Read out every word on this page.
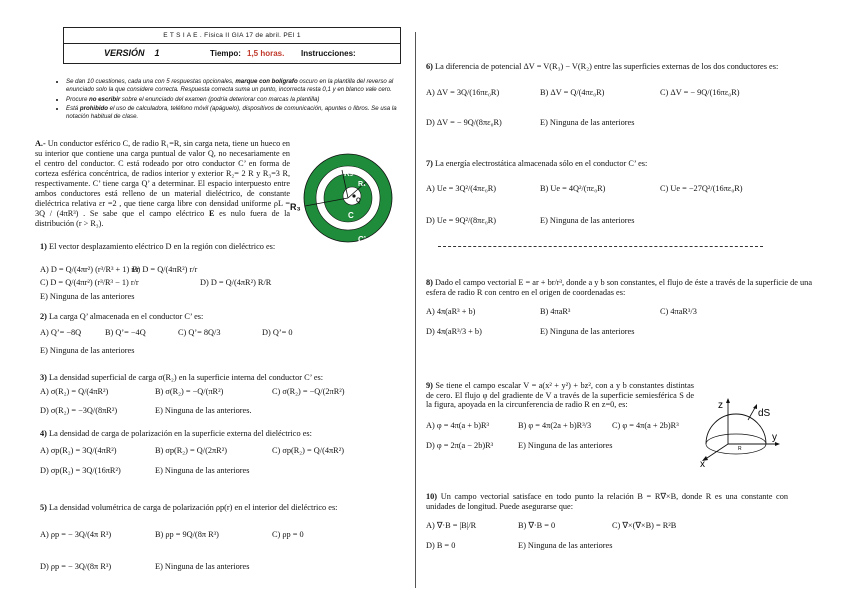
E T S I A E . Física II GIA 17 de abril. PEI 1
VERSIÓN 1	Tiempo: 1,5 horas. Instrucciones:
• Se dan 10 cuestiones, cada una con 5 respuestas opcionales, marque con bolígrafo oscuro en la plantilla del reverso al enunciado solo la que considere correcta. Respuesta correcta suma un punto, incorrecta resta 0,1 y en blanco vale cero.
• Procure no escribir sobre el enunciado del examen (podría deteriorar con marcas la plantilla)
• Está prohibido el uso de calculadora, teléfono móvil (apáguelo), dispositivos de comunicación, apuntes o libros. Se usa la notación habitual de clase.
A.- Un conductor esférico C, de radio R₁=R, sin carga neta, tiene un hueco en su interior que contiene una carga puntual de valor Q, no necesariamente en el centro del conductor. C está rodeado por otro conductor C’ en forma de corteza esférica concéntrica, de radios interior y exterior R₂= 2 R y R₃=3 R, respectivamente. C’ tiene carga Q’ a determinar. El espacio interpuesto entre ambos conductores está relleno de un material dieléctrico, de constante dieléctrica relativa εr =2 , que tiene carga libre con densidad uniforme ρL = 3Q / (4πR³) . Se sabe que el campo eléctrico E es nulo fuera de la distribución (r > R₃).
R₂
R₁
R₃
Q
C
C’
1) El vector desplazamiento eléctrico D en la región con dieléctrico es:
A) D = Q/(4πr²) (r³/R³ + 1) r/r
B) D = Q/(4πR²) r/r
C) D = Q/(4πr²) (r³/R³ − 1) r/r	D) D = Q/(4πR²) R/R
E) Ninguna de las anteriores
2) La carga Q’ almacenada en el conductor C’ es:
A) Q’= −8Q	B) Q’= −4Q	C) Q’= 8Q/3	D) Q’= 0
E) Ninguna de las anteriores
3) La densidad superficial de carga σ(R₂) en la superficie interna del conductor C’ es:
A) σ(R₂) = Q/(4πR²)	B) σ(R₂) = −Q/(πR²)	C) σ(R₂) = −Q/(2πR²)
D) σ(R₂) = −3Q/(8πR²)	E) Ninguna de las anteriores.
4) La densidad de carga de polarización en la superficie externa del dieléctrico es:
A) σp(R₂) = 3Q/(4πR²)	B) σp(R₂) = Q/(2πR²)	C) σp(R₂) = Q/(4πR²)
D) σp(R₂) = 3Q/(16πR²)	E) Ninguna de las anteriores
5) La densidad volumétrica de carga de polarización ρp(r) en el interior del dieléctrico es:
A) ρp = − 3Q/(4π R³)	B) ρp = 9Q/(8π R³)	C) ρp = 0
D) ρp = − 3Q/(8π R³)	E) Ninguna de las anteriores
6) La diferencia de potencial ΔV = V(R₃) − V(R₂) entre las superficies externas de los dos conductores es:
A) ΔV = 3Q/(16πε₀R)	B) ΔV = Q/(4πε₀R)	C) ΔV = − 9Q/(16πε₀R)
D) ΔV = − 9Q/(8πε₀R)	E) Ninguna de las anteriores
7) La energía electrostática almacenada sólo en el conductor C’ es:
A) Ue = 3Q²/(4πε₀R)	B) Ue = 4Q²/(πε₀R)	C) Ue = −27Q²/(16πε₀R)
D) Ue = 9Q²/(8πε₀R)	E) Ninguna de las anteriores
8) Dado el campo vectorial E = ar + br/r³, donde a y b son constantes, el flujo de éste a través de la superficie de una esfera de radio R con centro en el origen de coordenadas es:
A) 4π(aR³ + b)	B) 4πaR³	C) 4πaR³/3
D) 4π(aR³/3 + b)	E) Ninguna de las anteriores
9) Se tiene el campo escalar V = a(x² + y²) + bz², con a y b constantes distintas de cero. El flujo φ del gradiente de V a través de la superficie semiesférica S de la figura, apoyada en la circunferencia de radio R en z=0, es:
A) φ = 4π(a + b)R³	B) φ = 4π(2a + b)R³/3	C) φ = 4π(a + 2b)R³
D) φ = 2π(a − 2b)R³	E) Ninguna de las anteriores
z
y
x
dS
R
10) Un campo vectorial satisface en todo punto la relación B = R∇×B, donde R es una constante con unidades de longitud. Puede asegurarse que:
A) ∇·B = |B|/R	B) ∇·B = 0	C) ∇×(∇×B) = R²B
D) B = 0	E) Ninguna de las anteriores
